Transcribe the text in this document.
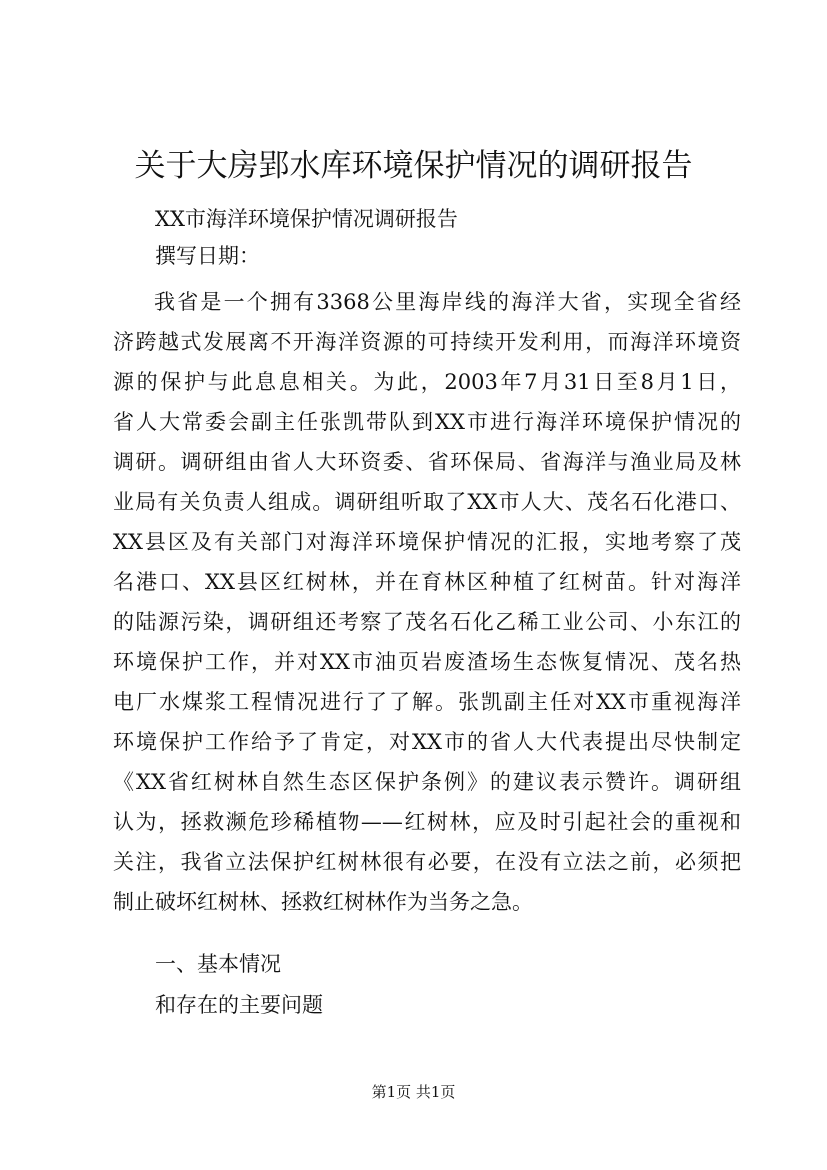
关于大房郢水库环境保护情况的调研报告

XX市海洋环境保护情况调研报告

撰写日期：

我省是一个拥有3368公里海岸线的海洋大省，实现全省经
济跨越式发展离不开海洋资源的可持续开发利用，而海洋环境资
源的保护与此息息相关。为此，2003年7月31日至8月1日，
省人大常委会副主任张凯带队到XX市进行海洋环境保护情况的
调研。调研组由省人大环资委、省环保局、省海洋与渔业局及林
业局有关负责人组成。调研组听取了XX市人大、茂名石化港口、
XX县区及有关部门对海洋环境保护情况的汇报，实地考察了茂
名港口、XX县区红树林，并在育林区种植了红树苗。针对海洋
的陆源污染，调研组还考察了茂名石化乙稀工业公司、小东江的
环境保护工作，并对XX市油页岩废渣场生态恢复情况、茂名热
电厂水煤浆工程情况进行了了解。张凯副主任对XX市重视海洋
环境保护工作给予了肯定，对XX市的省人大代表提出尽快制定
《XX省红树林自然生态区保护条例》的建议表示赞许。调研组
认为，拯救濒危珍稀植物——红树林，应及时引起社会的重视和
关注，我省立法保护红树林很有必要，在没有立法之前，必须把
制止破坏红树林、拯救红树林作为当务之急。

一、基本情况

和存在的主要问题

第1页 共1页
